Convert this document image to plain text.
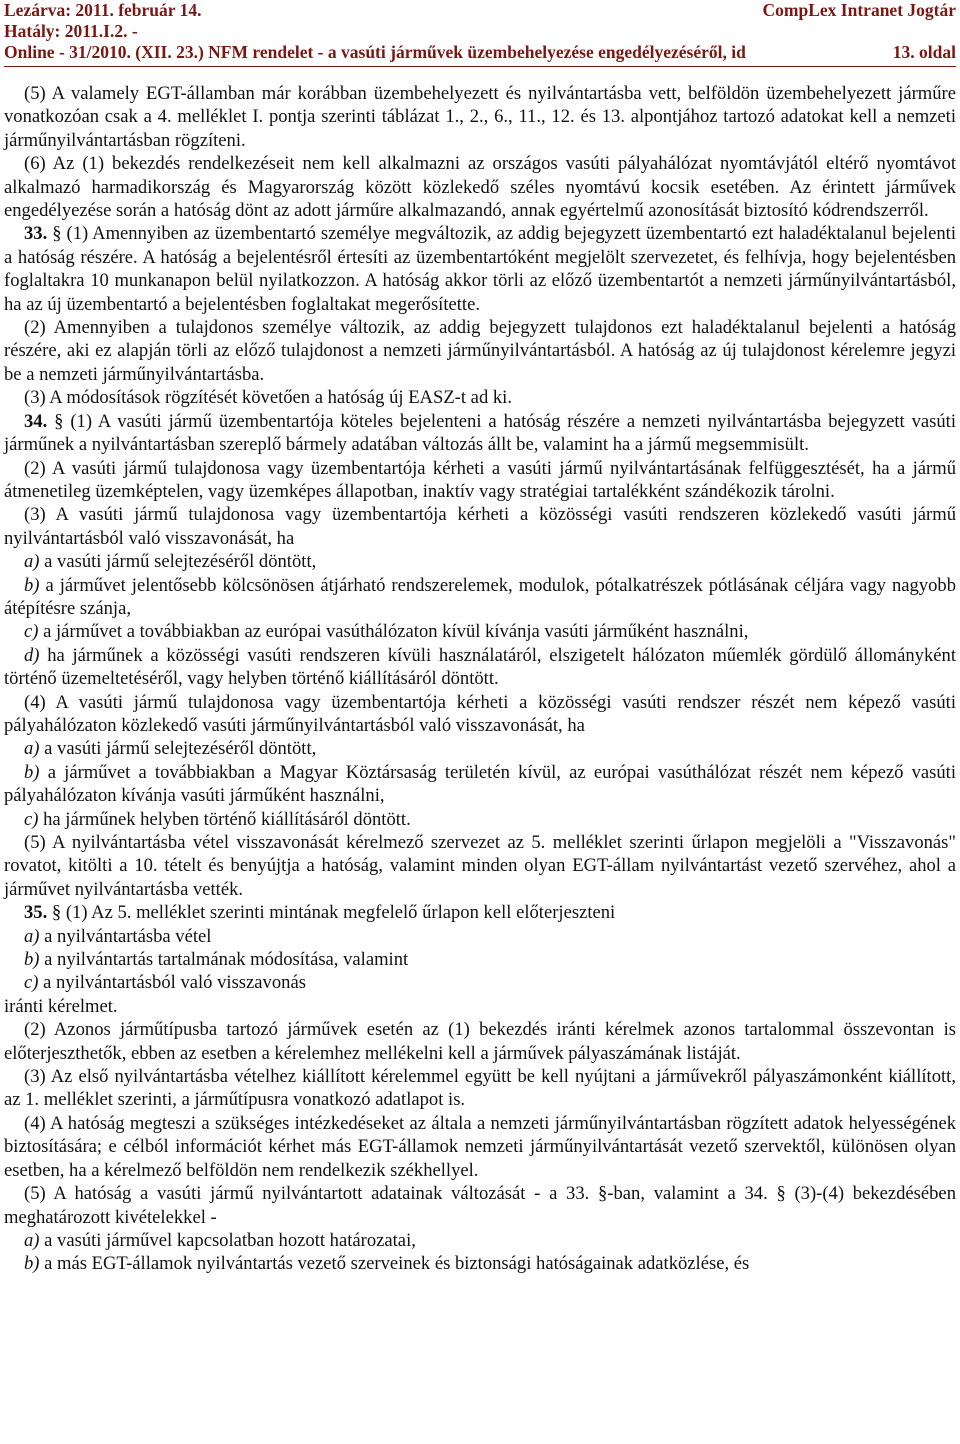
Lezárva: 2011. február 14.	CompLex Intranet Jogtár
Hatály: 2011.I.2. -
Online - 31/2010. (XII. 23.) NFM rendelet - a vasúti járművek üzembehelyezése engedélyezéséről, id	13. oldal

(5) A valamely EGT-államban már korábban üzembehelyezett és nyilvántartásba vett, belföldön üzembehelyezett járműre vonatkozóan csak a 4. melléklet I. pontja szerinti táblázat 1., 2., 6., 11., 12. és 13. alpontjához tartozó adatokat kell a nemzeti járműnyilvántartásban rögzíteni.

(6) Az (1) bekezdés rendelkezéseit nem kell alkalmazni az országos vasúti pályahálózat nyomtávjától eltérő nyomtávot alkalmazó harmadikország és Magyarország között közlekedő széles nyomtávú kocsik esetében. Az érintett járművek engedélyezése során a hatóság dönt az adott járműre alkalmazandó, annak egyértelmű azonosítását biztosító kódrendszerről.

33. § (1) Amennyiben az üzembentartó személye megváltozik, az addig bejegyzett üzembentartó ezt haladéktalanul bejelenti a hatóság részére. A hatóság a bejelentésről értesíti az üzembentartóként megjelölt szervezetet, és felhívja, hogy bejelentésben foglaltakra 10 munkanapon belül nyilatkozzon. A hatóság akkor törli az előző üzembentartót a nemzeti járműnyilvántartásból, ha az új üzembentartó a bejelentésben foglaltakat megerősítette.

(2) Amennyiben a tulajdonos személye változik, az addig bejegyzett tulajdonos ezt haladéktalanul bejelenti a hatóság részére, aki ez alapján törli az előző tulajdonost a nemzeti járműnyilvántartásból. A hatóság az új tulajdonost kérelemre jegyzi be a nemzeti járműnyilvántartásba.

(3) A módosítások rögzítését követően a hatóság új EASZ-t ad ki.

34. § (1) A vasúti jármű üzembentartója köteles bejelenteni a hatóság részére a nemzeti nyilvántartásba bejegyzett vasúti járműnek a nyilvántartásban szereplő bármely adatában változás állt be, valamint ha a jármű megsemmisült.

(2) A vasúti jármű tulajdonosa vagy üzembentartója kérheti a vasúti jármű nyilvántartásának felfüggesztését, ha a jármű átmenetileg üzemképtelen, vagy üzemképes állapotban, inaktív vagy stratégiai tartalékként szándékozik tárolni.

(3) A vasúti jármű tulajdonosa vagy üzembentartója kérheti a közösségi vasúti rendszeren közlekedő vasúti jármű nyilvántartásból való visszavonását, ha

a) a vasúti jármű selejtezéséről döntött,

b) a járművet jelentősebb kölcsönösen átjárható rendszerelemek, modulok, pótalkatrészek pótlásának céljára vagy nagyobb átépítésre szánja,

c) a járművet a továbbiakban az európai vasúthálózaton kívül kívánja vasúti járműként használni,

d) ha járműnek a közösségi vasúti rendszeren kívüli használatáról, elszigetelt hálózaton műemlék gördülő állományként történő üzemeltetéséről, vagy helyben történő kiállításáról döntött.

(4) A vasúti jármű tulajdonosa vagy üzembentartója kérheti a közösségi vasúti rendszer részét nem képező vasúti pályahálózaton közlekedő vasúti járműnyilvántartásból való visszavonását, ha

a) a vasúti jármű selejtezéséről döntött,

b) a járművet a továbbiakban a Magyar Köztársaság területén kívül, az európai vasúthálózat részét nem képező vasúti pályahálózaton kívánja vasúti járműként használni,

c) ha járműnek helyben történő kiállításáról döntött.

(5) A nyilvántartásba vétel visszavonását kérelmező szervezet az 5. melléklet szerinti űrlapon megjelöli a "Visszavonás" rovatot, kitölti a 10. tételt és benyújtja a hatóság, valamint minden olyan EGT-állam nyilvántartást vezető szervéhez, ahol a járművet nyilvántartásba vették.

35. § (1) Az 5. melléklet szerinti mintának megfelelő űrlapon kell előterjeszteni

a) a nyilvántartásba vétel

b) a nyilvántartás tartalmának módosítása, valamint

c) a nyilvántartásból való visszavonás

iránti kérelmet.

(2) Azonos járműtípusba tartozó járművek esetén az (1) bekezdés iránti kérelmek azonos tartalommal összevontan is előterjeszthetők, ebben az esetben a kérelemhez mellékelni kell a járművek pályaszámának listáját.

(3) Az első nyilvántartásba vételhez kiállított kérelemmel együtt be kell nyújtani a járművekről pályaszámonként kiállított, az 1. melléklet szerinti, a járműtípusra vonatkozó adatlapot is.

(4) A hatóság megteszi a szükséges intézkedéseket az általa a nemzeti járműnyilvántartásban rögzített adatok helyességének biztosítására; e célból információt kérhet más EGT-államok nemzeti járműnyilvántartását vezető szervektől, különösen olyan esetben, ha a kérelmező belföldön nem rendelkezik székhellyel.

(5) A hatóság a vasúti jármű nyilvántartott adatainak változását - a 33. §-ban, valamint a 34. § (3)-(4) bekezdésében meghatározott kivételekkel -

a) a vasúti járművel kapcsolatban hozott határozatai,

b) a más EGT-államok nyilvántartás vezető szerveinek és biztonsági hatóságainak adatközlése, és
